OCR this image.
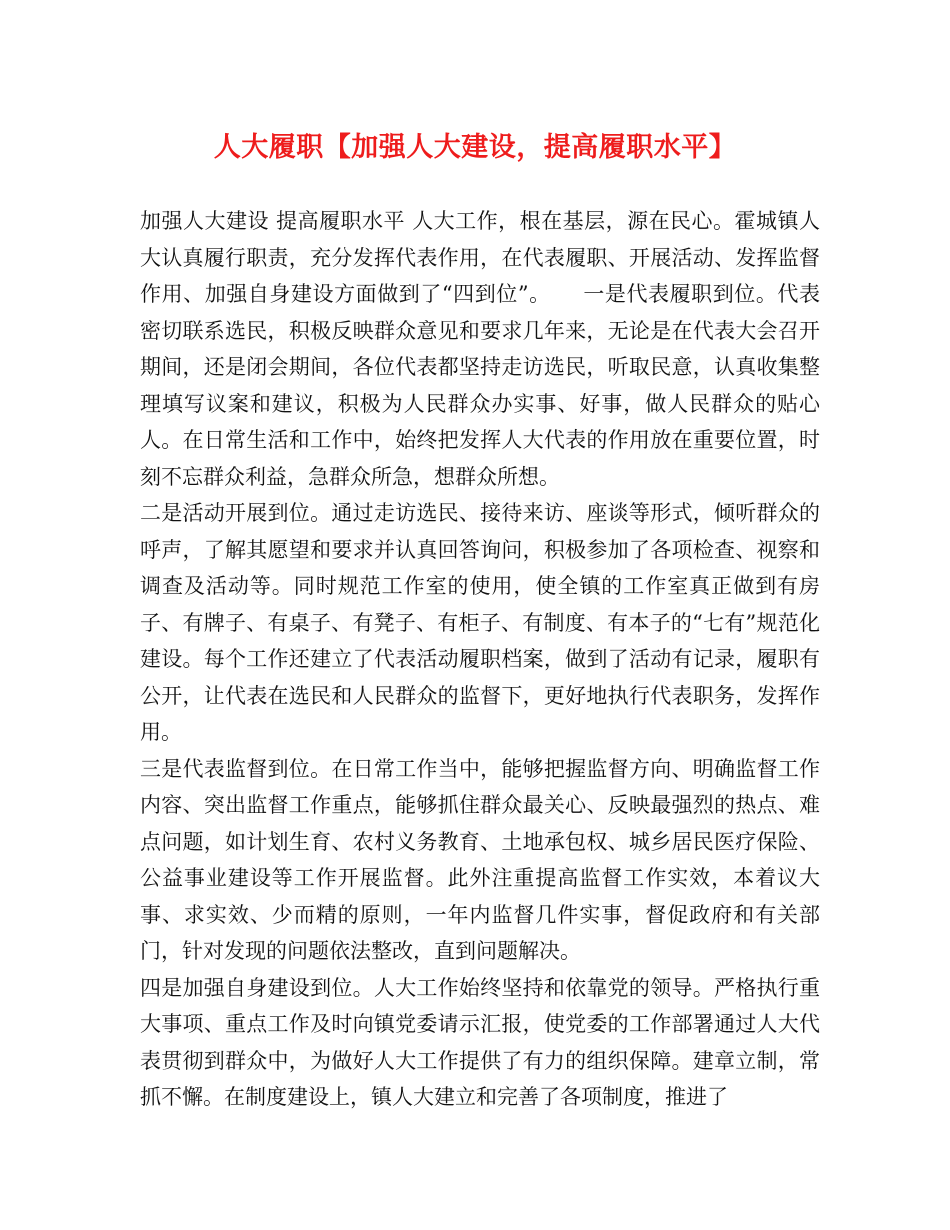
人大履职【加强人大建设，提高履职水平】

加强人大建设 提高履职水平 人大工作，根在基层，源在民心。霍城镇人大认真履行职责，充分发挥代表作用，在代表履职、开展活动、发挥监督作用、加强自身建设方面做到了“四到位”。　　一是代表履职到位。代表密切联系选民，积极反映群众意见和要求几年来，无论是在代表大会召开期间，还是闭会期间，各位代表都坚持走访选民，听取民意，认真收集整理填写议案和建议，积极为人民群众办实事、好事，做人民群众的贴心人。在日常生活和工作中，始终把发挥人大代表的作用放在重要位置，时刻不忘群众利益，急群众所急，想群众所想。

二是活动开展到位。通过走访选民、接待来访、座谈等形式，倾听群众的呼声，了解其愿望和要求并认真回答询问，积极参加了各项检查、视察和调查及活动等。同时规范工作室的使用，使全镇的工作室真正做到有房子、有牌子、有桌子、有凳子、有柜子、有制度、有本子的“七有”规范化建设。每个工作还建立了代表活动履职档案，做到了活动有记录，履职有公开，让代表在选民和人民群众的监督下，更好地执行代表职务，发挥作用。

三是代表监督到位。在日常工作当中，能够把握监督方向、明确监督工作内容、突出监督工作重点，能够抓住群众最关心、反映最强烈的热点、难点问题，如计划生育、农村义务教育、土地承包权、城乡居民医疗保险、公益事业建设等工作开展监督。此外注重提高监督工作实效，本着议大事、求实效、少而精的原则，一年内监督几件实事，督促政府和有关部门，针对发现的问题依法整改，直到问题解决。

四是加强自身建设到位。人大工作始终坚持和依靠党的领导。严格执行重大事项、重点工作及时向镇党委请示汇报，使党委的工作部署通过人大代表贯彻到群众中，为做好人大工作提供了有力的组织保障。建章立制，常抓不懈。在制度建设上，镇人大建立和完善了各项制度，推进了
